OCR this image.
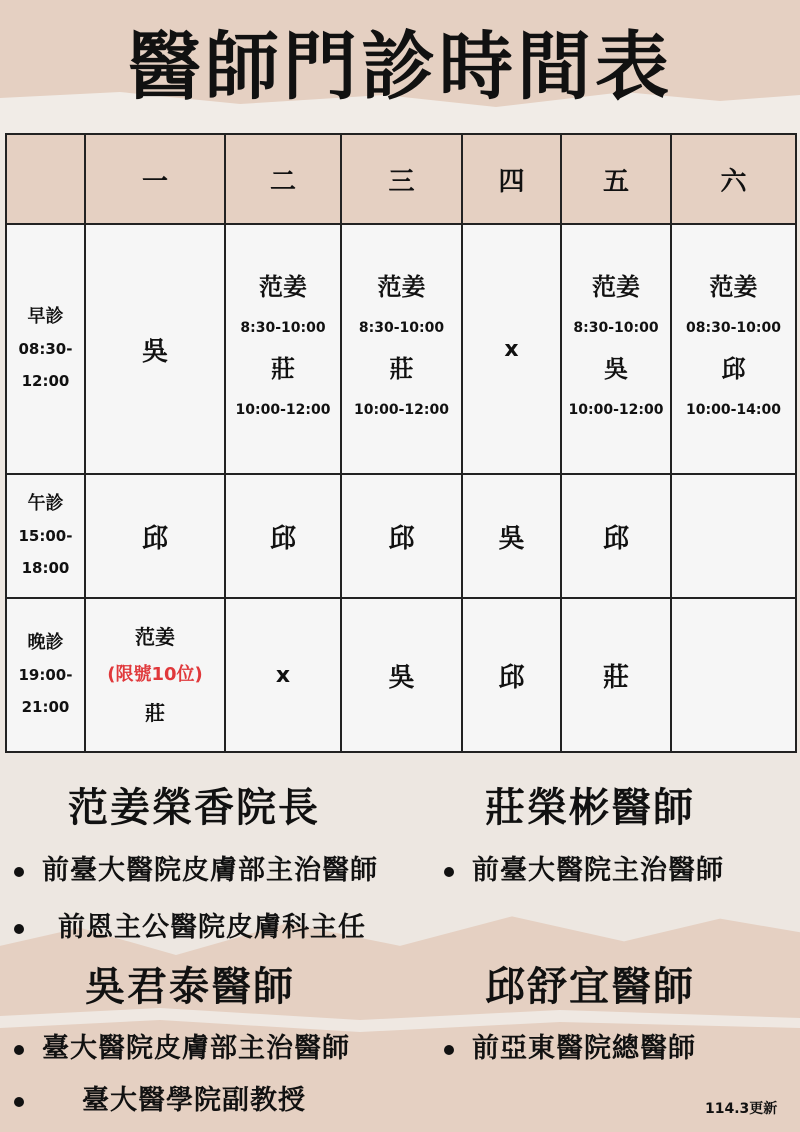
醫師門診時間表
	一	二	三	四	五	六

早診
08:30-
12:00	吳	范姜
8:30-10:00
莊
10:00-12:00	范姜
8:30-10:00
莊
10:00-12:00	x	范姜
8:30-10:00
吳
10:00-12:00	范姜
08:30-10:00
邱
10:00-14:00

午診
15:00-
18:00	邱	邱	邱	吳	邱	

晚診
19:00-
21:00	范姜
(限號10位)
莊	x	吳	邱	莊	
范姜榮香院長
前臺大醫院皮膚部主治醫師
前恩主公醫院皮膚科主任
莊榮彬醫師
前臺大醫院主治醫師
吳君泰醫師
臺大醫院皮膚部主治醫師
臺大醫學院副教授
邱舒宜醫師
前亞東醫院總醫師
114.3更新
